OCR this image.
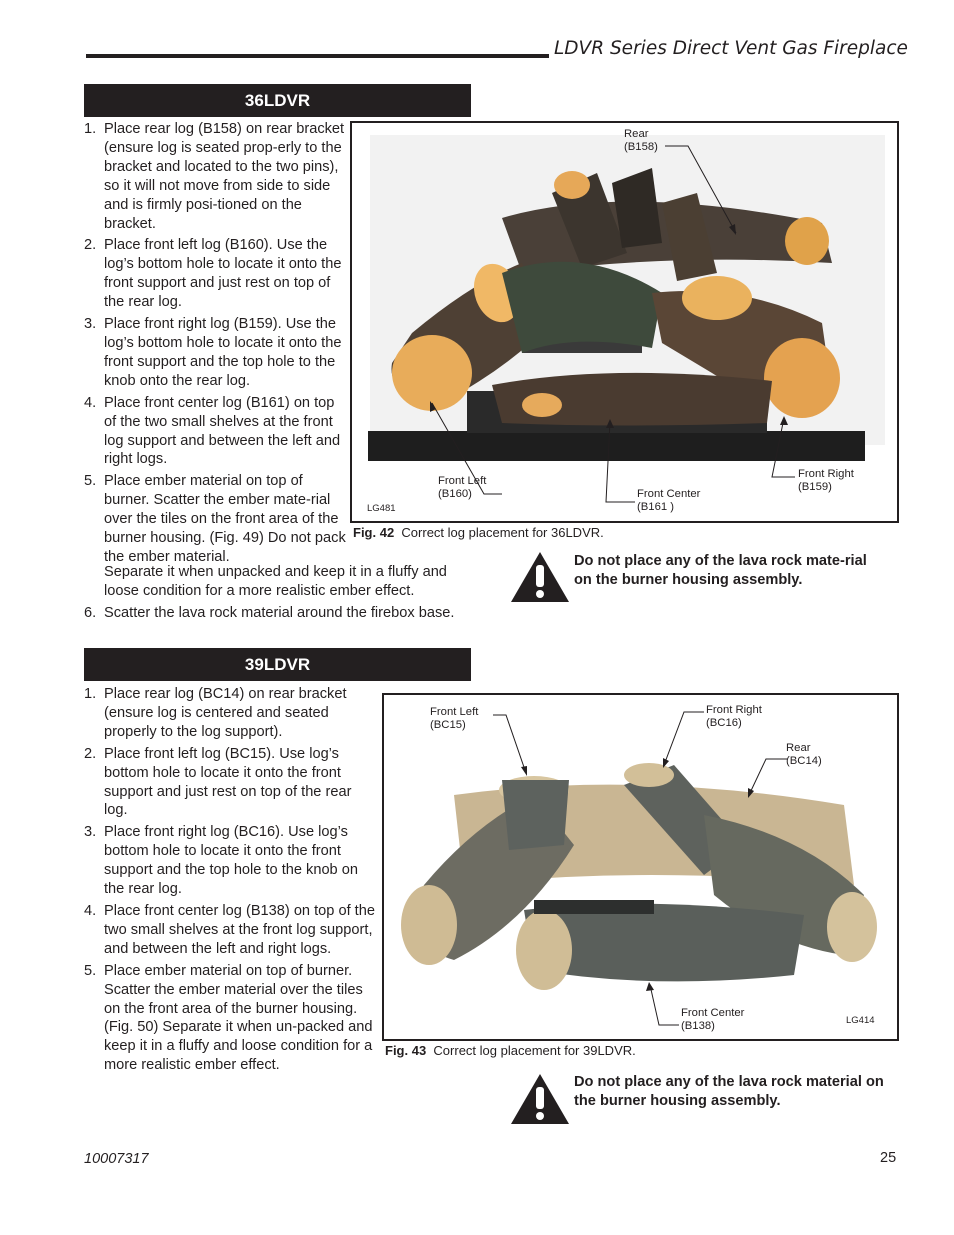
LDVR Series Direct Vent Gas Fireplace
36LDVR
1. Place rear log (B158) on rear bracket (ensure log is seated prop-erly to the bracket and located to the two pins), so it will not move from side to side and is firmly posi-tioned on the bracket.
2. Place front left log (B160). Use the log’s bottom hole to locate it onto the front support and just rest on top of the rear log.
3. Place front right log (B159). Use the log’s bottom hole to locate it onto the front support and the top hole to the knob onto the rear log.
4. Place front center log (B161) on top of the two small shelves at the front log support and between the left and right logs.
5. Place ember material on top of burner. Scatter the ember mate-rial over the tiles on the front area of the burner housing. (Fig. 49) Do not pack the ember material.
Separate it when unpacked and keep it in a fluffy and loose condition for a more realistic ember effect.
6. Scatter the lava rock material around the firebox base.
Rear
(B158)
Front Left
(B160)	Front Center
(B161 )
Front Right
(B159)
LG481
Fig. 42 Correct log placement for 36LDVR.
Do not place any of the lava rock mate-rial on the burner housing assembly.
39LDVR
1. Place rear log (BC14) on rear bracket (ensure log is centered and seated properly to the log support).
2. Place front left log (BC15). Use log’s bottom hole to locate it onto the front support and just rest on top of the rear log.
3. Place front right log (BC16). Use log’s bottom hole to locate it onto the front support and the top hole to the knob on the rear log.
4. Place front center log (B138) on top of the two small shelves at the front log support, and between the left and right logs.
5. Place ember material on top of burner. Scatter the ember material over the tiles on the front area of the burner housing. (Fig. 50) Separate it when un-packed and keep it in a fluffy and loose condition for a more realistic ember effect.
Front Left
(BC15)
Front Right
(BC16)
Rear
(BC14)
Front Center
(B138)	LG414
Fig. 43 Correct log placement for 39LDVR.
Do not place any of the lava rock material on the burner housing assembly.
10007317	25
